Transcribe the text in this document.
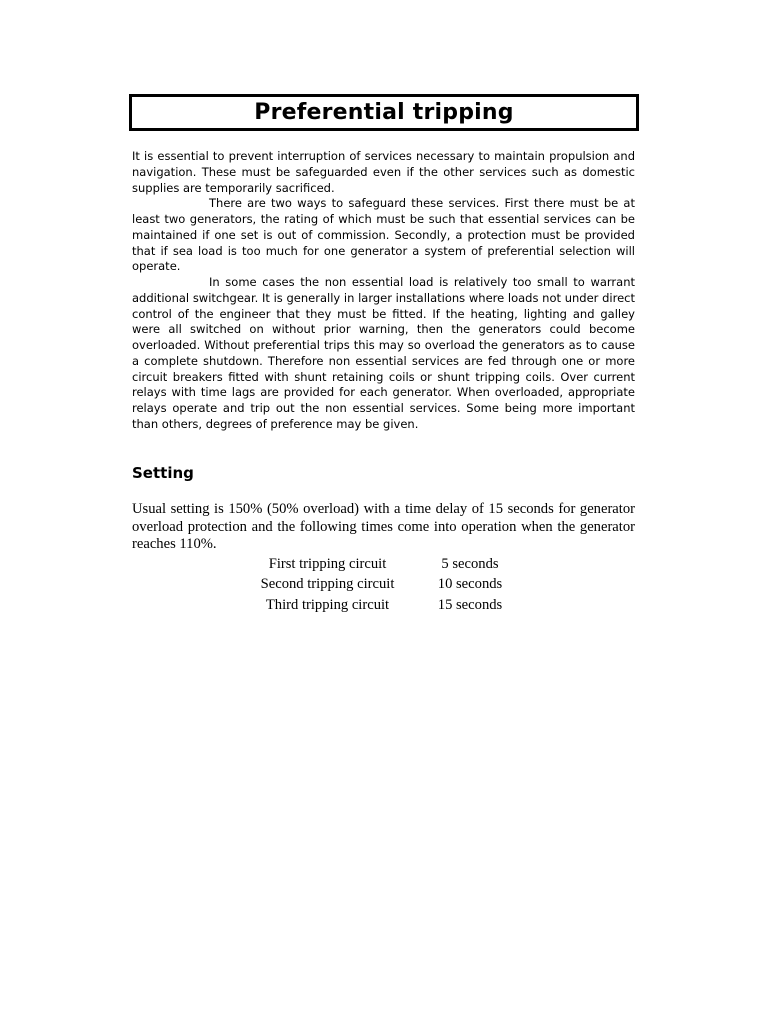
Preferential tripping

It is essential to prevent interruption of services necessary to maintain propulsion and navigation. These must be safeguarded even if the other services such as domestic supplies are temporarily sacrificed.

There are two ways to safeguard these services. First there must be at least two generators, the rating of which must be such that essential services can be maintained if one set is out of commission. Secondly, a protection must be provided that if sea load is too much for one generator a system of preferential selection will operate.

In some cases the non essential load is relatively too small to warrant additional switchgear. It is generally in larger installations where loads not under direct control of the engineer that they must be fitted. If the heating, lighting and galley were all switched on without prior warning, then the generators could become overloaded. Without preferential trips this may so overload the generators as to cause a complete shutdown. Therefore non essential services are fed through one or more circuit breakers fitted with shunt retaining coils or shunt tripping coils. Over current relays with time lags are provided for each generator. When overloaded, appropriate relays operate and trip out the non essential services. Some being more important than others, degrees of preference may be given.

Setting

Usual setting is 150% (50% overload) with a time delay of 15 seconds for generator overload protection and the following times come into operation when the generator reaches 110%.

First tripping circuit	5 seconds
Second tripping circuit	10 seconds
Third tripping circuit	15 seconds
